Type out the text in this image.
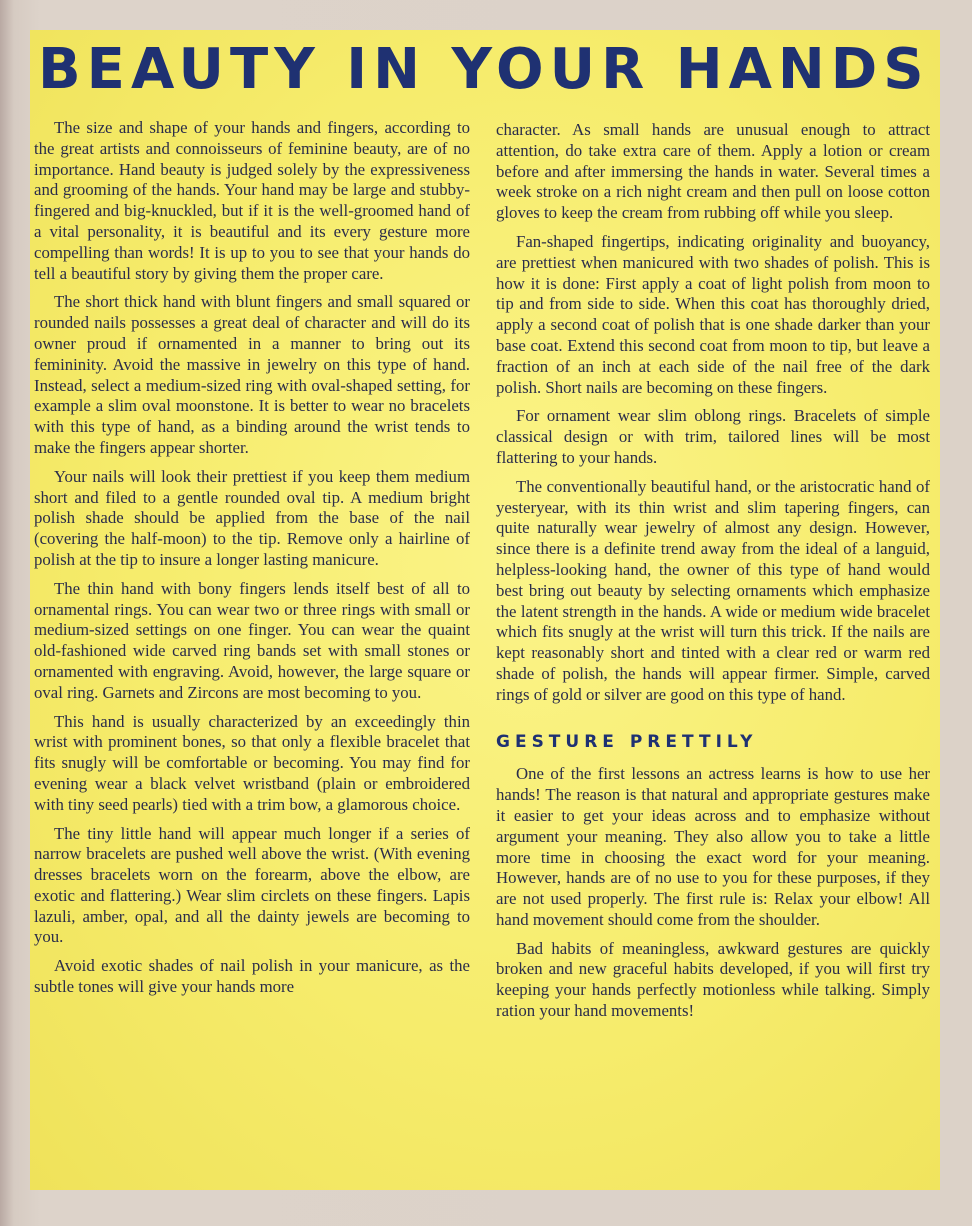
BEAUTY IN YOUR HANDS

The size and shape of your hands and fingers, according to the great artists and connoisseurs of feminine beauty, are of no importance. Hand beauty is judged solely by the expressiveness and grooming of the hands. Your hand may be large and stubby-fingered and big-knuckled, but if it is the well-groomed hand of a vital personality, it is beautiful and its every gesture more compelling than words! It is up to you to see that your hands do tell a beautiful story by giving them the proper care.

The short thick hand with blunt fingers and small squared or rounded nails possesses a great deal of character and will do its owner proud if ornamented in a manner to bring out its femininity. Avoid the massive in jewelry on this type of hand. Instead, select a medium-sized ring with oval-shaped setting, for example a slim oval moonstone. It is better to wear no bracelets with this type of hand, as a binding around the wrist tends to make the fingers appear shorter.

Your nails will look their prettiest if you keep them medium short and filed to a gentle rounded oval tip. A medium bright polish shade should be applied from the base of the nail (covering the half-moon) to the tip. Remove only a hairline of polish at the tip to insure a longer lasting manicure.

The thin hand with bony fingers lends itself best of all to ornamental rings. You can wear two or three rings with small or medium-sized settings on one finger. You can wear the quaint old-fashioned wide carved ring bands set with small stones or ornamented with engraving. Avoid, however, the large square or oval ring. Garnets and Zircons are most becoming to you.

This hand is usually characterized by an exceedingly thin wrist with prominent bones, so that only a flexible bracelet that fits snugly will be comfortable or becoming. You may find for evening wear a black velvet wristband (plain or embroidered with tiny seed pearls) tied with a trim bow, a glamorous choice.

The tiny little hand will appear much longer if a series of narrow bracelets are pushed well above the wrist. (With evening dresses bracelets worn on the forearm, above the elbow, are exotic and flattering.) Wear slim circlets on these fingers. Lapis lazuli, amber, opal, and all the dainty jewels are becoming to you.

Avoid exotic shades of nail polish in your manicure, as the subtle tones will give your hands more

character. As small hands are unusual enough to attract attention, do take extra care of them. Apply a lotion or cream before and after immersing the hands in water. Several times a week stroke on a rich night cream and then pull on loose cotton gloves to keep the cream from rubbing off while you sleep.

Fan-shaped fingertips, indicating originality and buoyancy, are prettiest when manicured with two shades of polish. This is how it is done: First apply a coat of light polish from moon to tip and from side to side. When this coat has thoroughly dried, apply a second coat of polish that is one shade darker than your base coat. Extend this second coat from moon to tip, but leave a fraction of an inch at each side of the nail free of the dark polish. Short nails are becoming on these fingers.

For ornament wear slim oblong rings. Bracelets of simple classical design or with trim, tailored lines will be most flattering to your hands.

The conventionally beautiful hand, or the aristocratic hand of yesteryear, with its thin wrist and slim tapering fingers, can quite naturally wear jewelry of almost any design. However, since there is a definite trend away from the ideal of a languid, helpless-looking hand, the owner of this type of hand would best bring out beauty by selecting ornaments which emphasize the latent strength in the hands. A wide or medium wide bracelet which fits snugly at the wrist will turn this trick. If the nails are kept reasonably short and tinted with a clear red or warm red shade of polish, the hands will appear firmer. Simple, carved rings of gold or silver are good on this type of hand.

GESTURE PRETTILY

One of the first lessons an actress learns is how to use her hands! The reason is that natural and appropriate gestures make it easier to get your ideas across and to emphasize without argument your meaning. They also allow you to take a little more time in choosing the exact word for your meaning. However, hands are of no use to you for these purposes, if they are not used properly. The first rule is: Relax your elbow! All hand movement should come from the shoulder.

Bad habits of meaningless, awkward gestures are quickly broken and new graceful habits developed, if you will first try keeping your hands perfectly motionless while talking. Simply ration your hand movements!
